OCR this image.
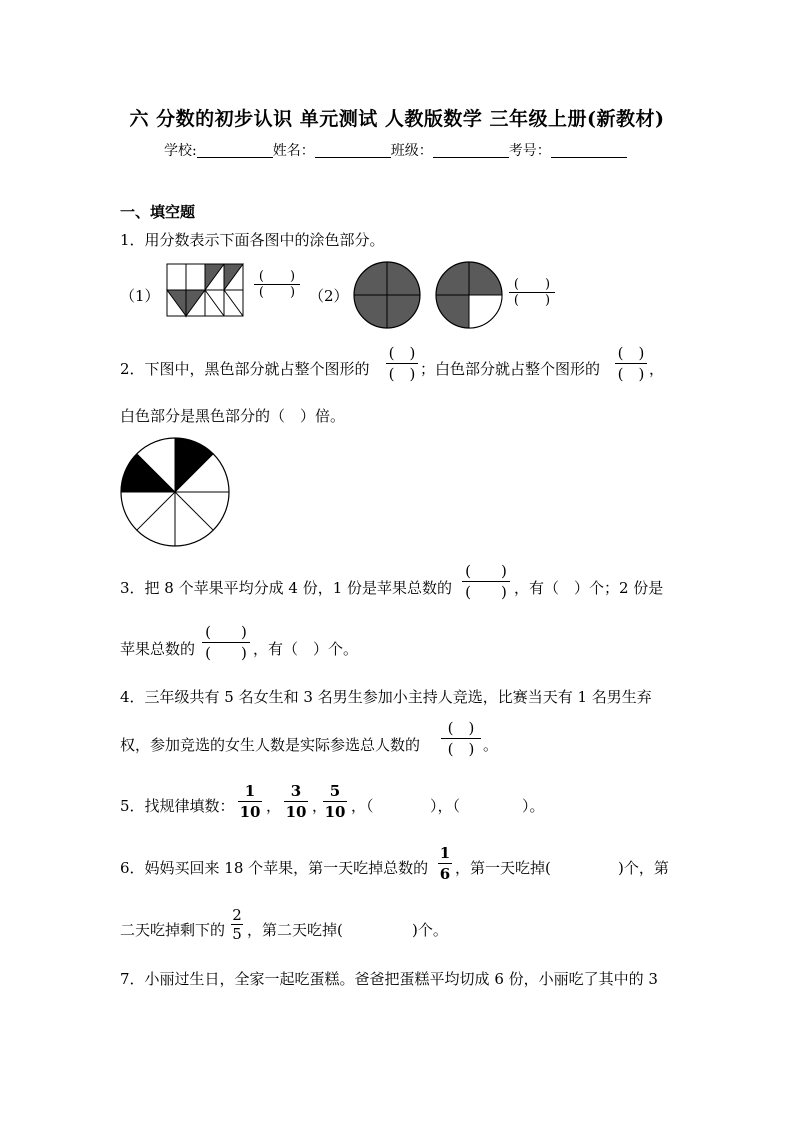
六 分数的初步认识 单元测试 人教版数学 三年级上册(新教材)
学校:	姓名：	班级：	考号：
一、填空题
1．用分数表示下面各图中的涂色部分。
（1）
(　　)
(　　) （2）
(　　)
(　　)
2．下图中，黑色部分就占整个图形的
(　)
(　) ；白色部分就占整个图形的
(　)
(　) ，
白色部分是黑色部分的（　）倍。
3．把 8 个苹果平均分成 4 份，1 份是苹果总数的
(　　)
(　　) ，有（　）个；2 份是
苹果总数的
(　　)
(　　) ，有（　）个。
4．三年级共有 5 名女生和 3 名男生参加小主持人竞选，比赛当天有 1 名男生弃
权，参加竞选的女生人数是实际参选总人数的
(　)
(　) 。
5．找规律填数：
1
10 ，
3
10 ，
5
10 ，（	），（	）。
6．妈妈买回来 18 个苹果，第一天吃掉总数的
1
6 ，第一天吃掉(	)个，第
二天吃掉剩下的
2
5 ，第二天吃掉(	)个。
7．小丽过生日，全家一起吃蛋糕。爸爸把蛋糕平均切成 6 份，小丽吃了其中的 3
